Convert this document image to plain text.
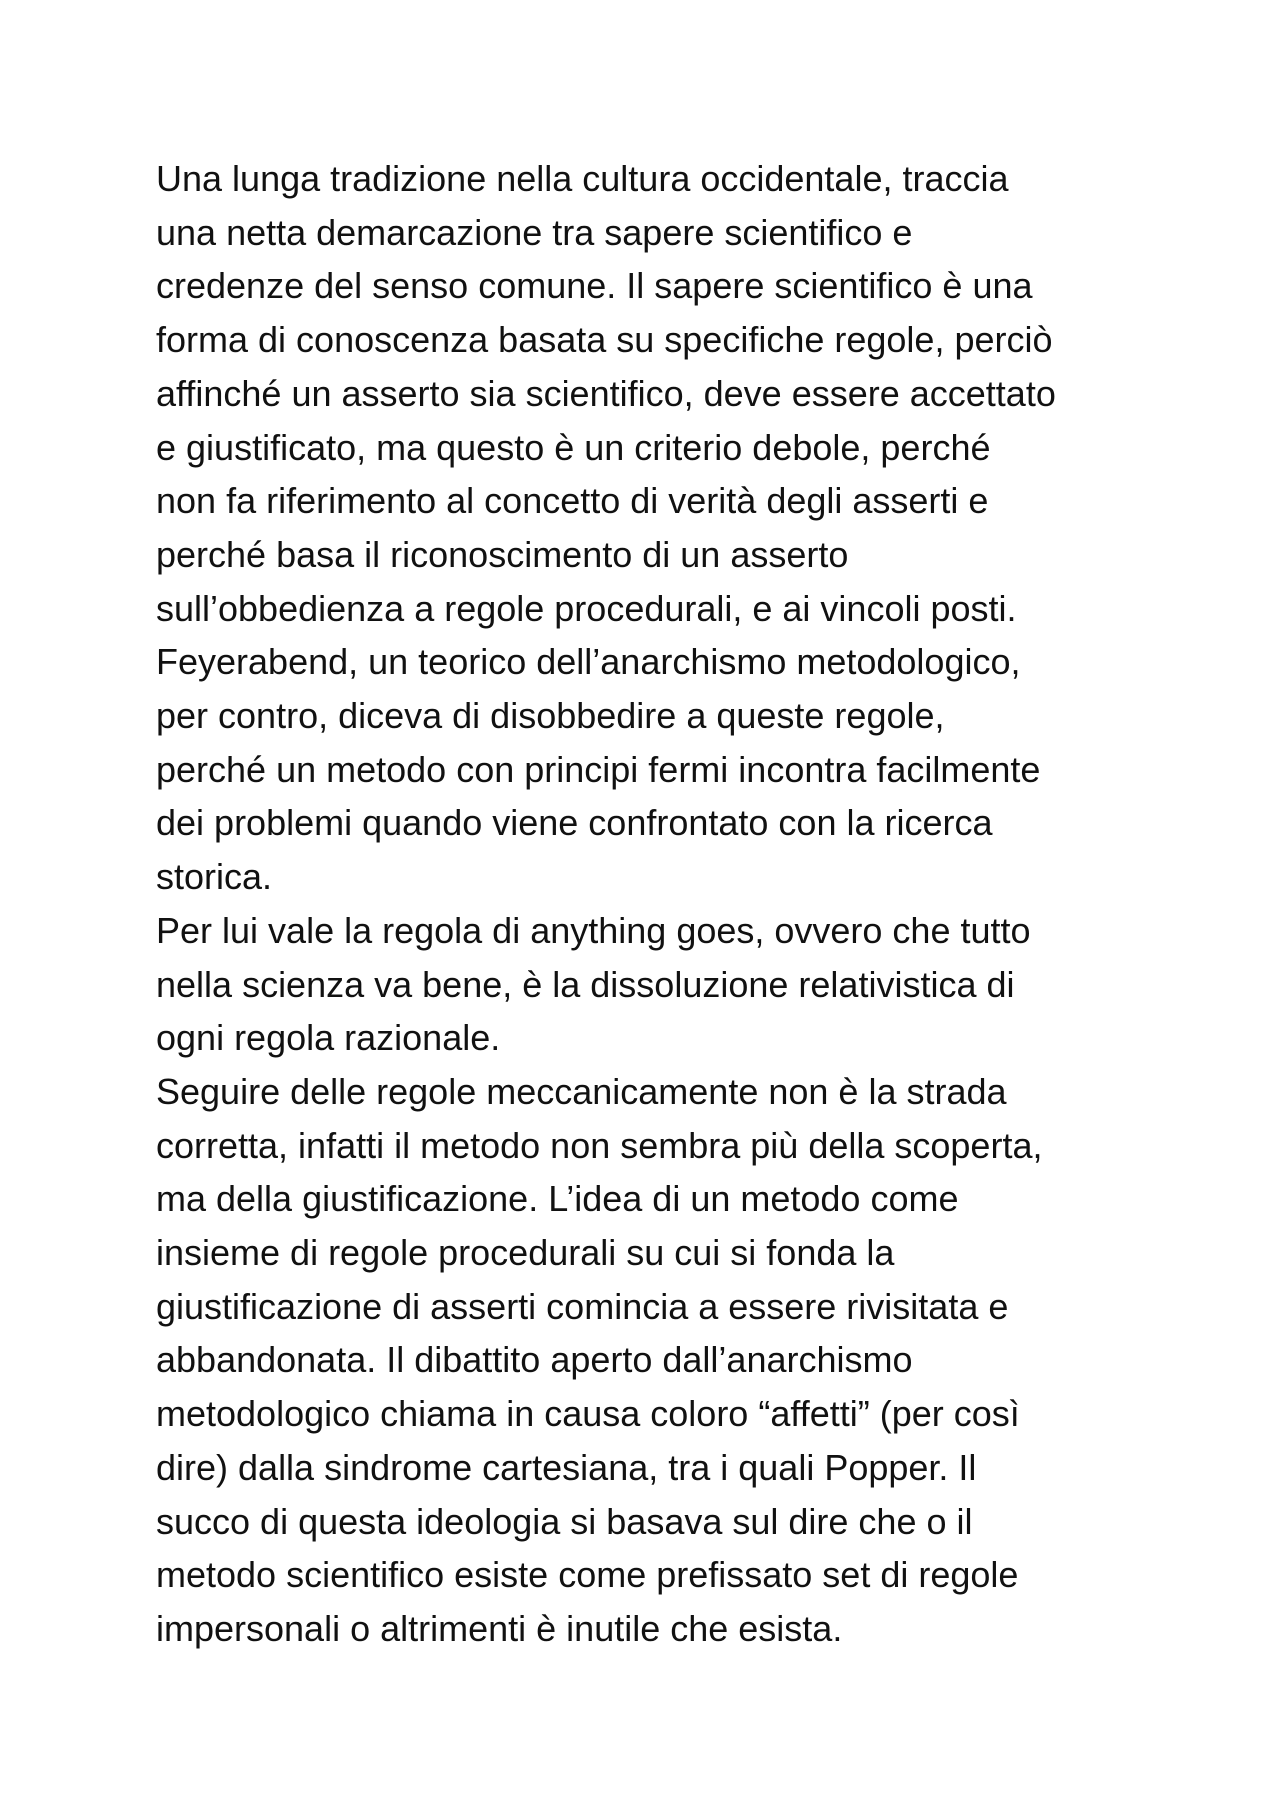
Una lunga tradizione nella cultura occidentale, traccia
una netta demarcazione tra sapere scientifico e
credenze del senso comune. Il sapere scientifico è una
forma di conoscenza basata su specifiche regole, perciò
affinché un asserto sia scientifico, deve essere accettato
e giustificato, ma questo è un criterio debole, perché
non fa riferimento al concetto di verità degli asserti e
perché basa il riconoscimento di un asserto
sull’obbedienza a regole procedurali, e ai vincoli posti.
Feyerabend, un teorico dell’anarchismo metodologico,
per contro, diceva di disobbedire a queste regole,
perché un metodo con principi fermi incontra facilmente
dei problemi quando viene confrontato con la ricerca
storica.
Per lui vale la regola di anything goes, ovvero che tutto
nella scienza va bene, è la dissoluzione relativistica di
ogni regola razionale.
Seguire delle regole meccanicamente non è la strada
corretta, infatti il metodo non sembra più della scoperta,
ma della giustificazione. L’idea di un metodo come
insieme di regole procedurali su cui si fonda la
giustificazione di asserti comincia a essere rivisitata e
abbandonata. Il dibattito aperto dall’anarchismo
metodologico chiama in causa coloro “affetti” (per così
dire) dalla sindrome cartesiana, tra i quali Popper. Il
succo di questa ideologia si basava sul dire che o il
metodo scientifico esiste come prefissato set di regole
impersonali o altrimenti è inutile che esista.
